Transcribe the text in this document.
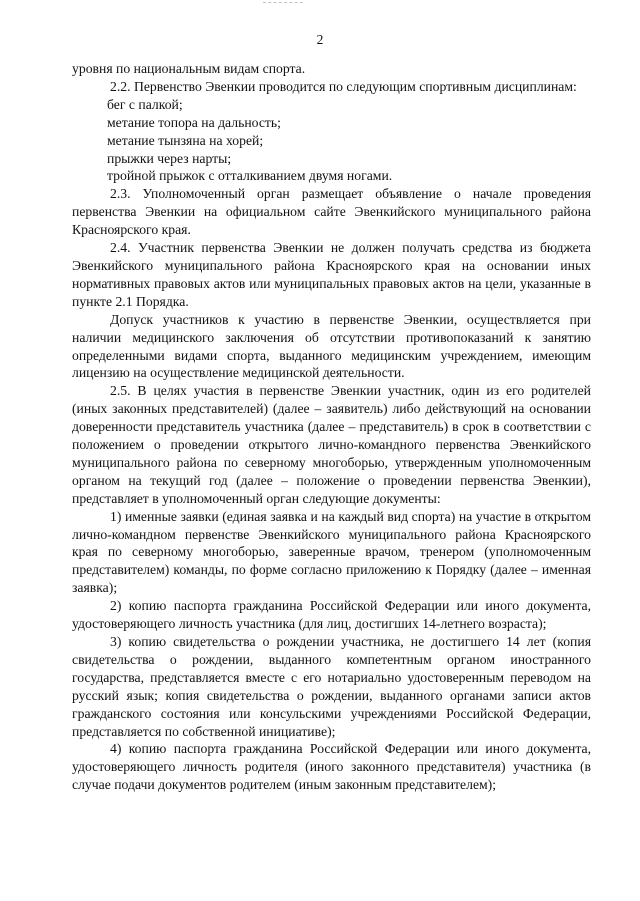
2

уровня по национальным видам спорта.

2.2. Первенство Эвенкии проводится по следующим спортивным дисциплинам:

бег с палкой;

метание топора на дальность;

метание тынзяна на хорей;

прыжки через нарты;

тройной прыжок с отталкиванием двумя ногами.

2.3. Уполномоченный орган размещает объявление о начале проведения первенства Эвенкии на официальном сайте Эвенкийского муниципального района Красноярского края.

2.4. Участник первенства Эвенкии не должен получать средства из бюджета Эвенкийского муниципального района Красноярского края на основании иных нормативных правовых актов или муниципальных правовых актов на цели, указанные в пункте 2.1 Порядка.

Допуск участников к участию в первенстве Эвенкии, осуществляется при наличии медицинского заключения об отсутствии противопоказаний к занятию определенными видами спорта, выданного медицинским учреждением, имеющим лицензию на осуществление медицинской деятельности.

2.5. В целях участия в первенстве Эвенкии участник, один из его родителей (иных законных представителей) (далее – заявитель) либо действующий на основании доверенности представитель участника (далее – представитель) в срок в соответствии с положением о проведении открытого лично-командного первенства Эвенкийского муниципального района по северному многоборью, утвержденным уполномоченным органом на текущий год (далее – положение о проведении первенства Эвенкии), представляет в уполномоченный орган следующие документы:

1) именные заявки (единая заявка и на каждый вид спорта) на участие в открытом лично-командном первенстве Эвенкийского муниципального района Красноярского края по северному многоборью, заверенные врачом, тренером (уполномоченным представителем) команды, по форме согласно приложению к Порядку (далее – именная заявка);

2) копию паспорта гражданина Российской Федерации или иного документа, удостоверяющего личность участника (для лиц, достигших 14-летнего возраста);

3) копию свидетельства о рождении участника, не достигшего 14 лет (копия свидетельства о рождении, выданного компетентным органом иностранного государства, представляется вместе с его нотариально удостоверенным переводом на русский язык; копия свидетельства о рождении, выданного органами записи актов гражданского состояния или консульскими учреждениями Российской Федерации, представляется по собственной инициативе);

4) копию паспорта гражданина Российской Федерации или иного документа, удостоверяющего личность родителя (иного законного представителя) участника (в случае подачи документов родителем (иным законным представителем);
